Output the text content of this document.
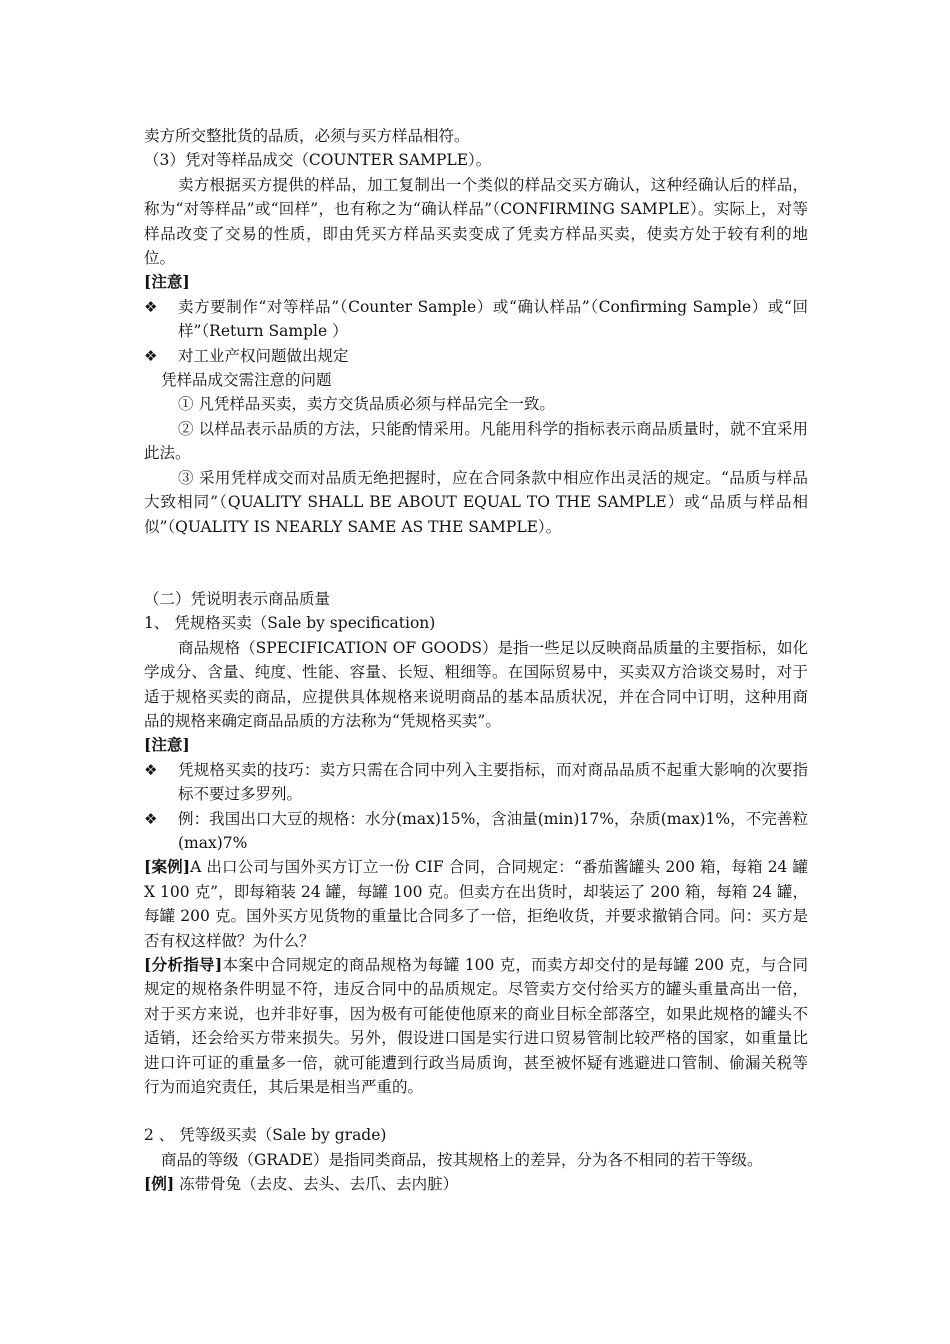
卖方所交整批货的品质，必须与买方样品相符。

（3）凭对等样品成交（COUNTER SAMPLE）。

卖方根据买方提供的样品，加工复制出一个类似的样品交买方确认，这种经确认后的样品，称为“对等样品”或“回样”，也有称之为“确认样品”（CONFIRMING SAMPLE）。实际上，对等样品改变了交易的性质，即由凭买方样品买卖变成了凭卖方样品买卖，使卖方处于较有利的地位。

[注意]

❖	卖方要制作“对等样品”（Counter Sample）或“确认样品”（Confirming Sample）或“回样”（Return Sample ）
❖	对工业产权问题做出规定

凭样品成交需注意的问题

① 凡凭样品买卖，卖方交货品质必须与样品完全一致。

② 以样品表示品质的方法，只能酌情采用。凡能用科学的指标表示商品质量时，就不宜采用此法。

③ 采用凭样成交而对品质无绝把握时，应在合同条款中相应作出灵活的规定。“品质与样品大致相同”（QUALITY SHALL BE ABOUT EQUAL TO THE SAMPLE）或“品质与样品相似”（QUALITY IS NEARLY SAME AS THE SAMPLE）。

（二）凭说明表示商品质量

1、 凭规格买卖（Sale by specification)

商品规格（SPECIFICATION OF GOODS）是指一些足以反映商品质量的主要指标，如化学成分、含量、纯度、性能、容量、长短、粗细等。在国际贸易中，买卖双方洽谈交易时，对于适于规格买卖的商品，应提供具体规格来说明商品的基本品质状况，并在合同中订明，这种用商品的规格来确定商品品质的方法称为“凭规格买卖”。

[注意]

❖	凭规格买卖的技巧：卖方只需在合同中列入主要指标，而对商品品质不起重大影响的次要指标不要过多罗列。
❖	例：我国出口大豆的规格：水分(max)15%，含油量(min)17%，杂质(max)1%，不完善粒(max)7%

[案例]A 出口公司与国外买方订立一份 CIF 合同，合同规定：“番茄酱罐头 200 箱，每箱 24 罐 X 100 克”，即每箱装 24 罐，每罐 100 克。但卖方在出货时，却装运了 200 箱，每箱 24 罐，每罐 200 克。国外买方见货物的重量比合同多了一倍，拒绝收货，并要求撤销合同。问：买方是否有权这样做？为什么？

[分析指导]本案中合同规定的商品规格为每罐 100 克，而卖方却交付的是每罐 200 克，与合同规定的规格条件明显不符，违反合同中的品质规定。尽管卖方交付给买方的罐头重量高出一倍，对于买方来说，也并非好事，因为极有可能使他原来的商业目标全部落空，如果此规格的罐头不适销，还会给买方带来损失。另外，假设进口国是实行进口贸易管制比较严格的国家，如重量比进口许可证的重量多一倍，就可能遭到行政当局质询，甚至被怀疑有逃避进口管制、偷漏关税等行为而追究责任，其后果是相当严重的。

2 、 凭等级买卖（Sale by grade)

商品的等级（GRADE）是指同类商品，按其规格上的差异，分为各不相同的若干等级。

[例] 冻带骨兔（去皮、去头、去爪、去内脏）
